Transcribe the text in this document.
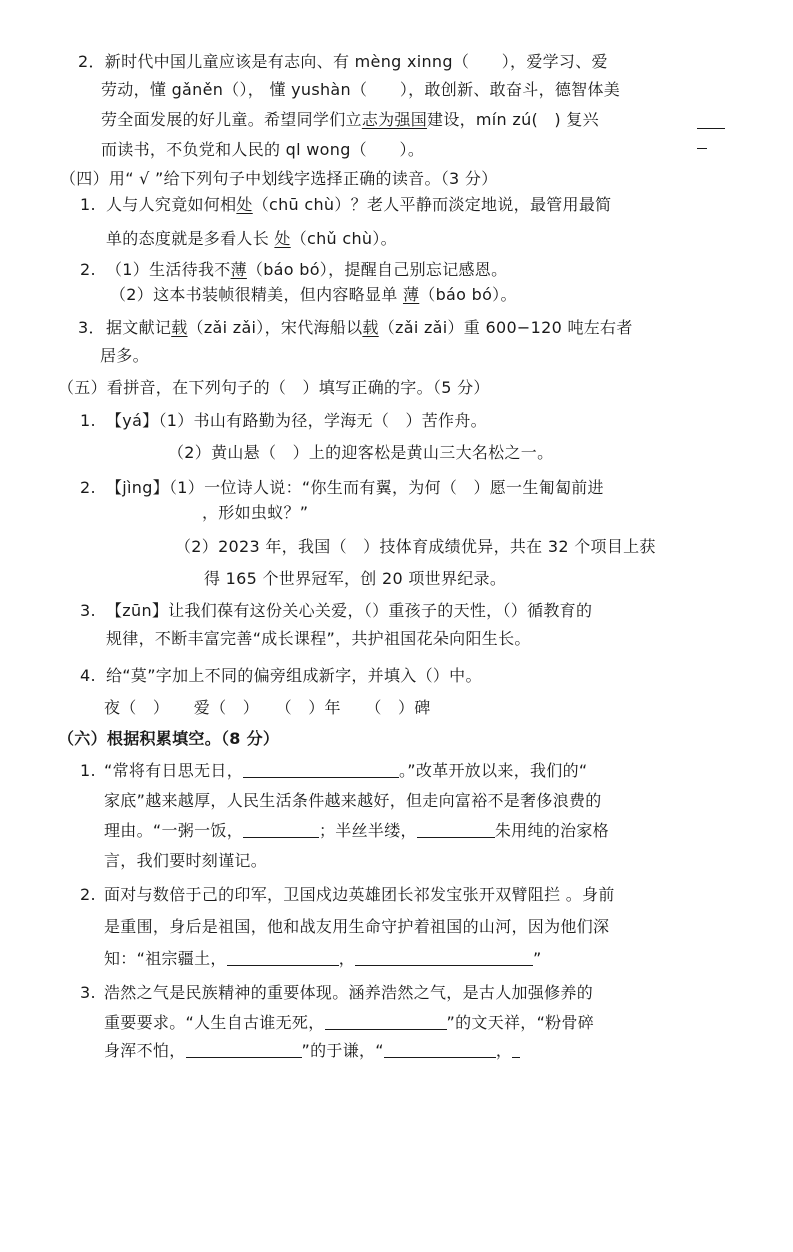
2．新时代中国儿童应该是有志向、有 mèng xinng（　　），爱学习、爱
劳动，懂 gǎněn（）， 懂 yushàn（　　），敢创新、敢奋斗，德智体美
劳全面发展的好儿童。希望同学们立志为强国建设，mín zú(　) 复兴
而读书，不负党和人民的 ql wong（　　）。
（四）用“ √ ”给下列句子中划线字选择正确的读音。（3 分）
1. 人与人究竟如何相处（chū chù）？老人平静而淡定地说，最管用最简
单的态度就是多看人长 处（chǔ chù）。
2. （1）生活待我不薄（báo bó），提醒自己别忘记感恩。
（2）这本书装帧很精美，但内容略显单 薄（báo bó）。
3． 据文献记载（zǎi zǎi），宋代海船以载（zǎi zǎi）重 600−120 吨左右者
居多。
（五）看拼音，在下列句子的（　）填写正确的字。（5 分）
1. 【yá】（1）书山有路勤为径，学海无（　）苦作舟。
（2）黄山悬（　）上的迎客松是黄山三大名松之一。
2. 【jìng】（1）一位诗人说：“你生而有翼，为何（　）愿一生匍匐前进
，形如虫蚁？”
（2）2023 年，我国（　）技体育成绩优异，共在 32 个项目上获
得 165 个世界冠军，创 20 项世界纪录。
3. 【zūn】让我们葆有这份关心关爱，（）重孩子的天性，（）循教育的
规律，不断丰富完善“成长课程”，共护祖国花朵向阳生长。
4. 给“莫”字加上不同的偏旁组成新字，并填入（）中。
夜（　）　　爱（　）　　（　）年　　（　）碑
（六）根据积累填空。（8 分）
1. “常将有日思无日，	。”改革开放以来，我们的“
家底”越来越厚，人民生活条件越来越好，但走向富裕不是奢侈浪费的
理由。“一粥一饭，	；半丝半缕，	朱用纯的治家格
言，我们要时刻谨记。
2. 面对与数倍于己的印军，卫国戍边英雄团长祁发宝张开双臂阻拦 。身前
是重围，身后是祖国，他和战友用生命守护着祖国的山河，因为他们深
知：“祖宗疆土，	，	”
3. 浩然之气是民族精神的重要体现。涵养浩然之气，是古人加强修养的
重要要求。“人生自古谁无死，	”的文天祥，“粉骨碎
身浑不怕，	”的于谦，“	，
